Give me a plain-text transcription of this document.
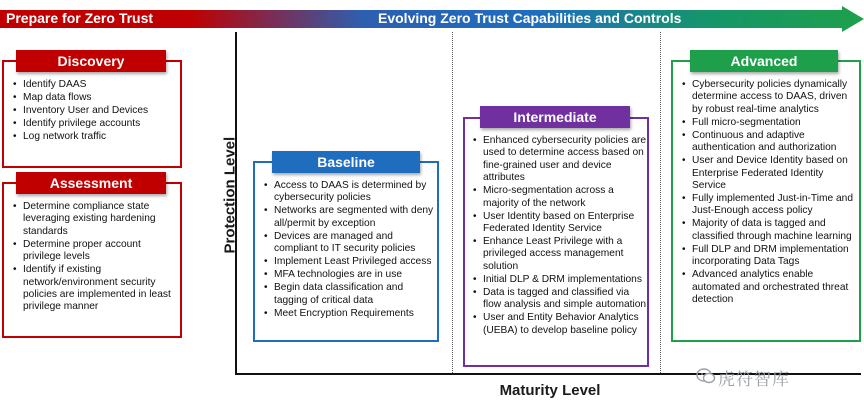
Prepare for Zero Trust	Evolving Zero Trust Capabilities and Controls
Protection Level
Maturity Level
Discovery
• Identify DAAS
• Map data flows
• Inventory User and Devices
• Identify privilege accounts
• Log network traffic
Assessment
• Determine compliance state leveraging existing hardening standards
• Determine proper account privilege levels
• Identify if existing network/environment security policies are implemented in least privilege manner
Baseline
• Access to DAAS is determined by cybersecurity policies
• Networks are segmented with deny all/permit by exception
• Devices are managed and compliant to IT security policies
• Implement Least Privileged access
• MFA technologies are in use
• Begin data classification and tagging of critical data
• Meet Encryption Requirements
Intermediate
• Enhanced cybersecurity policies are used to determine access based on fine-grained user and device attributes
• Micro-segmentation across a majority of the network
• User Identity based on Enterprise Federated Identity Service
• Enhance Least Privilege with a privileged access management solution
• Initial DLP & DRM implementations
• Data is tagged and classified via flow analysis and simple automation
• User and Entity Behavior Analytics (UEBA) to develop baseline policy
Advanced
• Cybersecurity policies dynamically determine access to DAAS, driven by robust real-time analytics
• Full micro-segmentation
• Continuous and adaptive authentication and authorization
• User and Device Identity based on Enterprise Federated Identity Service
• Fully implemented Just-in-Time and Just-Enough access policy
• Majority of data is tagged and classified through machine learning
• Full DLP and DRM implementation incorporating Data Tags
• Advanced analytics enable automated and orchestrated threat detection
虎符智库
